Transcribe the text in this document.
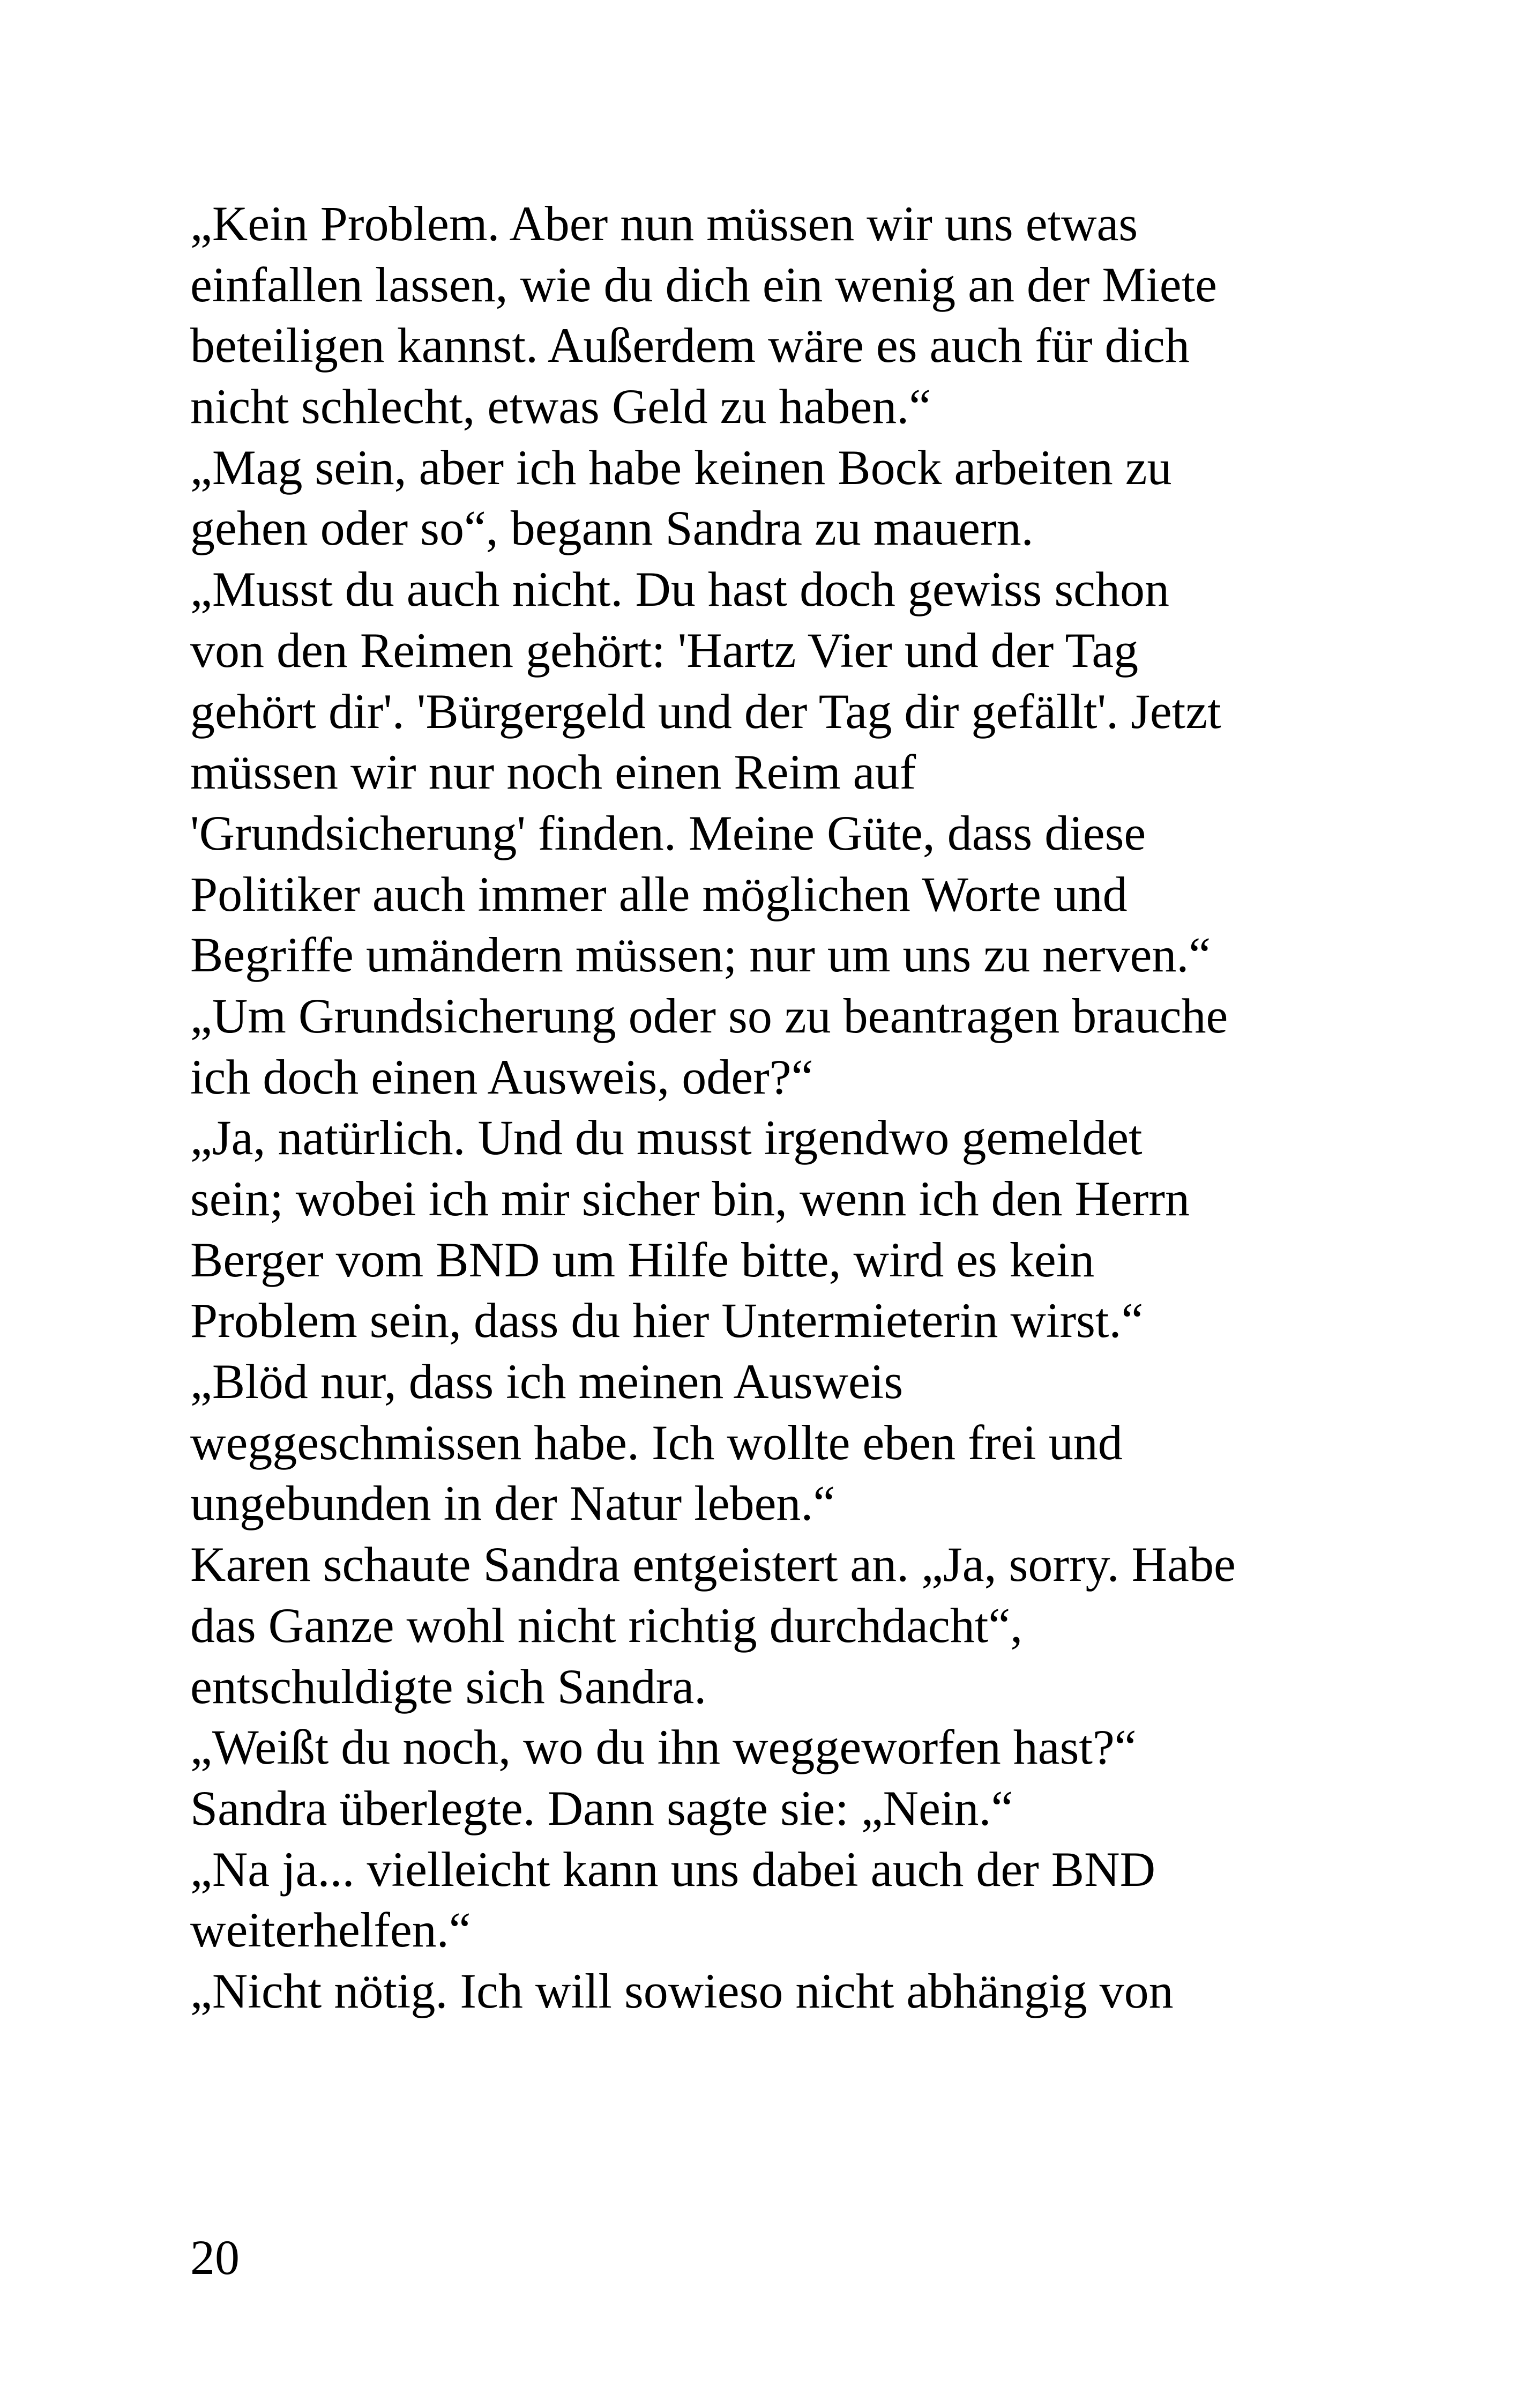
„Kein Problem. Aber nun müssen wir uns etwas
einfallen lassen, wie du dich ein wenig an der Miete
beteiligen kannst. Außerdem wäre es auch für dich
nicht schlecht, etwas Geld zu haben.“
„Mag sein, aber ich habe keinen Bock arbeiten zu
gehen oder so“, begann Sandra zu mauern.
„Musst du auch nicht. Du hast doch gewiss schon
von den Reimen gehört: 'Hartz Vier und der Tag
gehört dir'. 'Bürgergeld und der Tag dir gefällt'. Jetzt
müssen wir nur noch einen Reim auf
'Grundsicherung' finden. Meine Güte, dass diese
Politiker auch immer alle möglichen Worte und
Begriffe umändern müssen; nur um uns zu nerven.“
„Um Grundsicherung oder so zu beantragen brauche
ich doch einen Ausweis, oder?“
„Ja, natürlich. Und du musst irgendwo gemeldet
sein; wobei ich mir sicher bin, wenn ich den Herrn
Berger vom BND um Hilfe bitte, wird es kein
Problem sein, dass du hier Untermieterin wirst.“
„Blöd nur, dass ich meinen Ausweis
weggeschmissen habe. Ich wollte eben frei und
ungebunden in der Natur leben.“
Karen schaute Sandra entgeistert an. „Ja, sorry. Habe
das Ganze wohl nicht richtig durchdacht“,
entschuldigte sich Sandra.
„Weißt du noch, wo du ihn weggeworfen hast?“
Sandra überlegte. Dann sagte sie: „Nein.“
„Na ja... vielleicht kann uns dabei auch der BND
weiterhelfen.“
„Nicht nötig. Ich will sowieso nicht abhängig von
20
